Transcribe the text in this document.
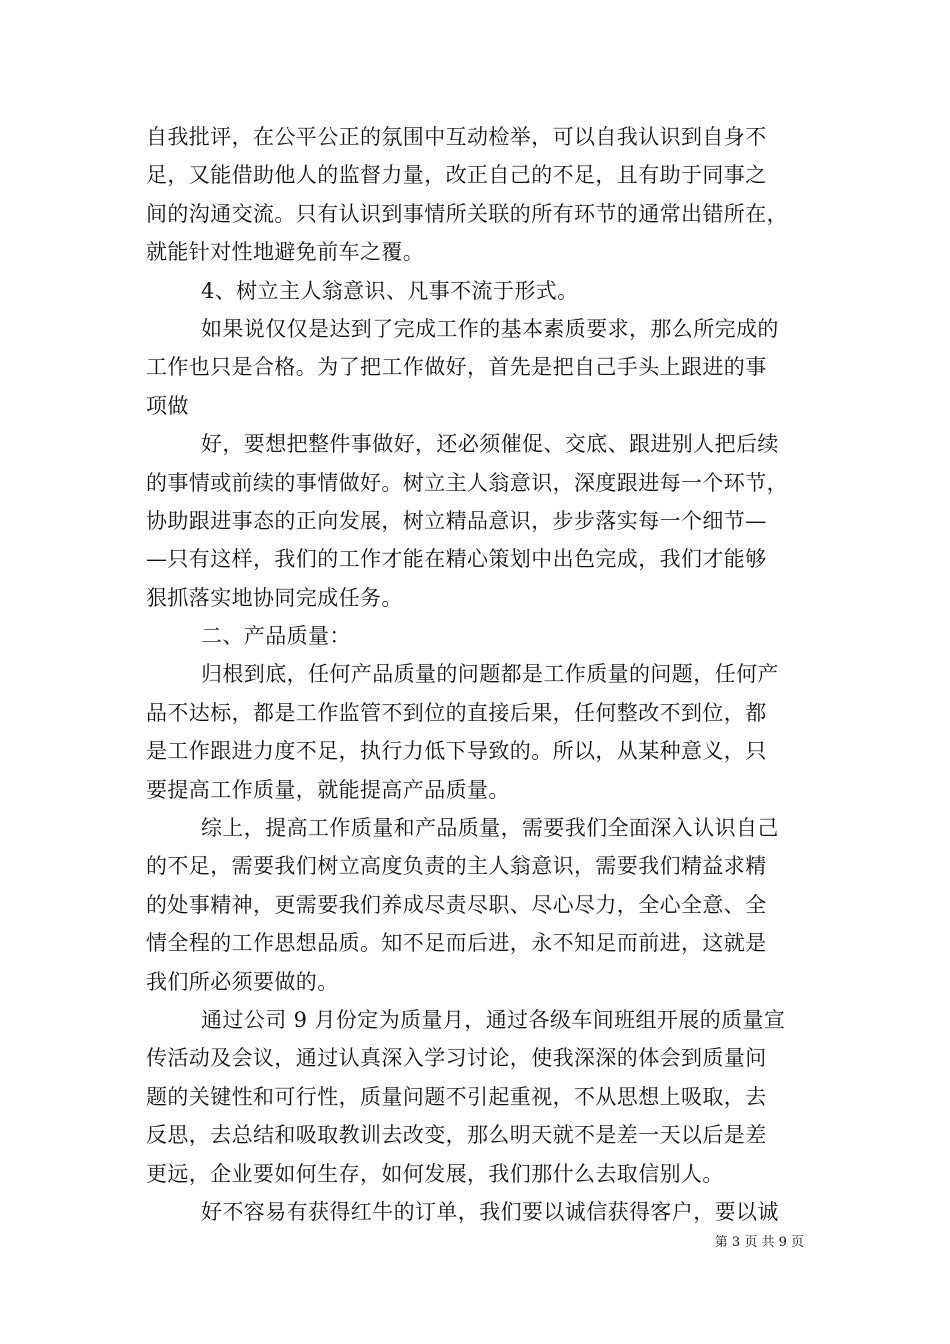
自我批评，在公平公正的氛围中互动检举，可以自我认识到自身不
足，又能借助他人的监督力量，改正自己的不足，且有助于同事之
间的沟通交流。只有认识到事情所关联的所有环节的通常出错所在，
就能针对性地避免前车之覆。
4、树立主人翁意识、凡事不流于形式。
如果说仅仅是达到了完成工作的基本素质要求，那么所完成的
工作也只是合格。为了把工作做好，首先是把自己手头上跟进的事
项做
好，要想把整件事做好，还必须催促、交底、跟进别人把后续
的事情或前续的事情做好。树立主人翁意识，深度跟进每一个环节，
协助跟进事态的正向发展，树立精品意识，步步落实每一个细节—
—只有这样，我们的工作才能在精心策划中出色完成，我们才能够
狠抓落实地协同完成任务。
二、产品质量：
归根到底，任何产品质量的问题都是工作质量的问题，任何产
品不达标，都是工作监管不到位的直接后果，任何整改不到位，都
是工作跟进力度不足，执行力低下导致的。所以，从某种意义，只
要提高工作质量，就能提高产品质量。
综上，提高工作质量和产品质量，需要我们全面深入认识自己
的不足，需要我们树立高度负责的主人翁意识，需要我们精益求精
的处事精神，更需要我们养成尽责尽职、尽心尽力，全心全意、全
情全程的工作思想品质。知不足而后进，永不知足而前进，这就是
我们所必须要做的。
通过公司 9 月份定为质量月，通过各级车间班组开展的质量宣
传活动及会议，通过认真深入学习讨论，使我深深的体会到质量问
题的关键性和可行性，质量问题不引起重视，不从思想上吸取，去
反思，去总结和吸取教训去改变，那么明天就不是差一天以后是差
更远，企业要如何生存，如何发展，我们那什么去取信别人。
好不容易有获得红牛的订单，我们要以诚信获得客户，要以诚
第 3 页 共 9 页
